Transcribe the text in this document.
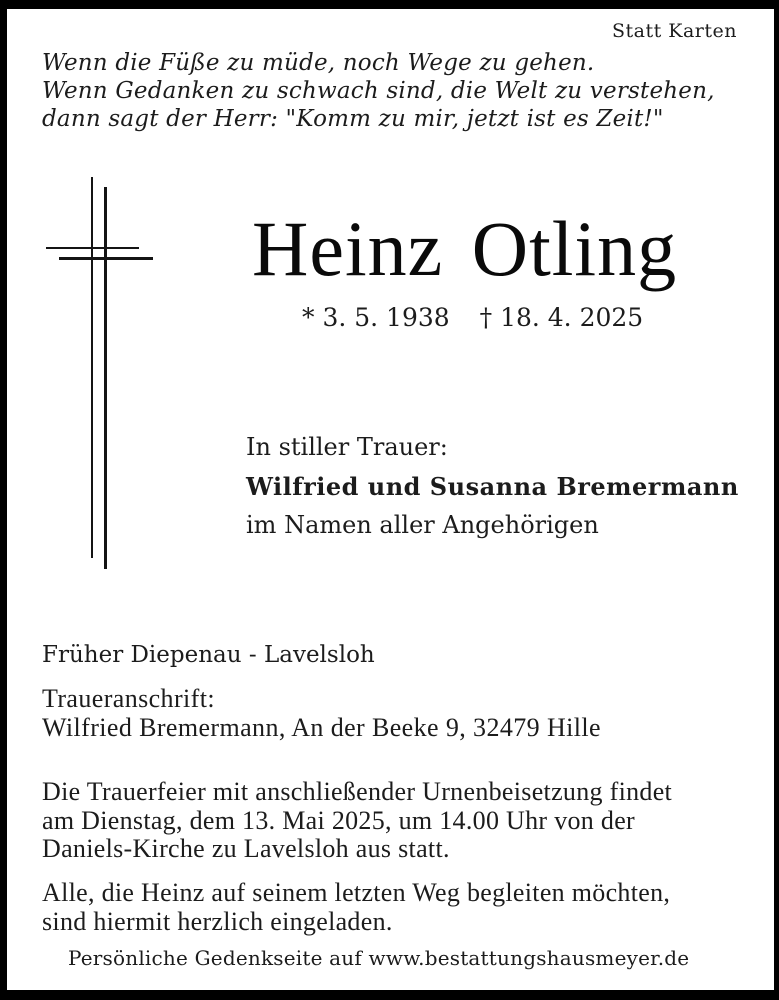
Statt Karten
Wenn die Füße zu müde, noch Wege zu gehen.
Wenn Gedanken zu schwach sind, die Welt zu verstehen,
dann sagt der Herr: "Komm zu mir, jetzt ist es Zeit!"
Heinz Otling
* 3. 5. 1938 † 18. 4. 2025
In stiller Trauer:
Wilfried und Susanna Bremermann
im Namen aller Angehörigen
Früher Diepenau - Lavelsloh
Traueranschrift:
Wilfried Bremermann, An der Beeke 9, 32479 Hille
Die Trauerfeier mit anschließender Urnenbeisetzung findet
am Dienstag, dem 13. Mai 2025, um 14.00 Uhr von der
Daniels-Kirche zu Lavelsloh aus statt.
Alle, die Heinz auf seinem letzten Weg begleiten möchten,
sind hiermit herzlich eingeladen.
Persönliche Gedenkseite auf www.bestattungshausmeyer.de
